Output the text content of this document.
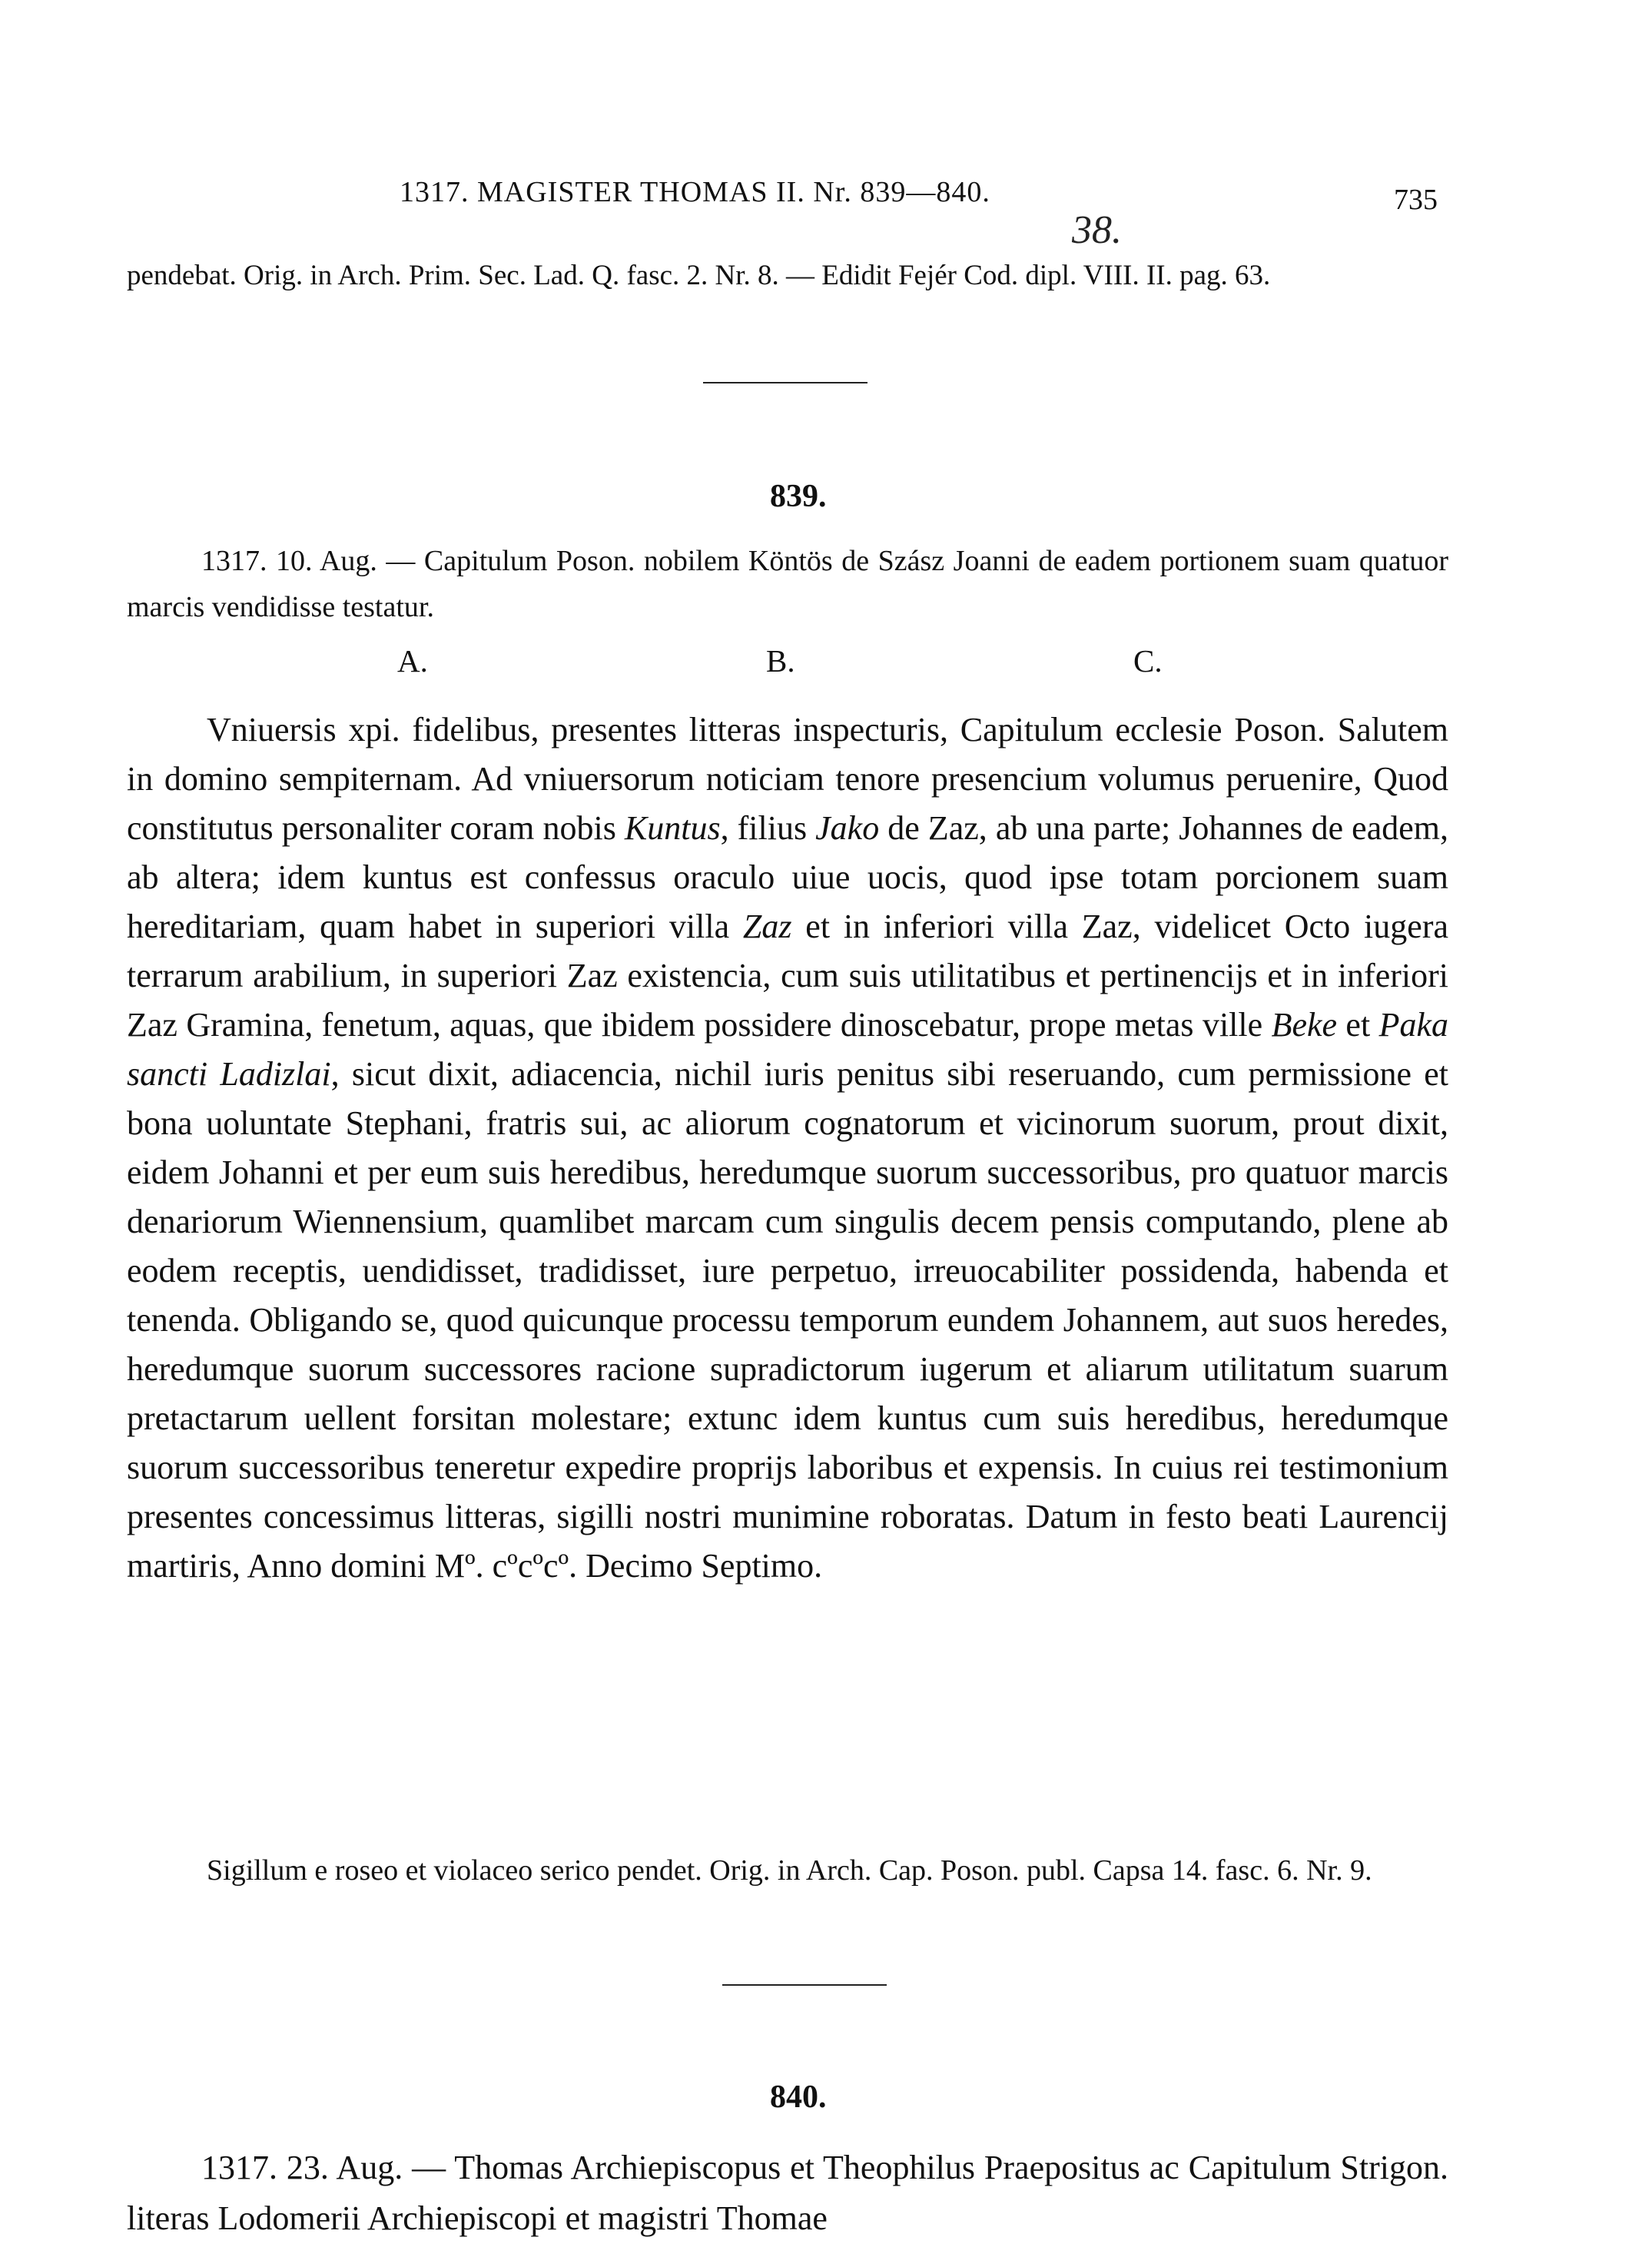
1317. MAGISTER THOMAS II. Nr. 839—840.	735
38.
pendebat. Orig. in Arch. Prim. Sec. Lad. Q. fasc. 2. Nr. 8. — Edidit Fejér Cod. dipl. VIII. II. pag. 63.
839.
1317. 10. Aug. — Capitulum Poson. nobilem Köntös de Szász Joanni de eadem portionem suam quatuor marcis vendidisse testatur.
A.	B.	C.
Vniuersis xpi. fidelibus, presentes litteras inspecturis, Capitulum ecclesie Poson. Salutem in domino sempiternam. Ad vniuersorum noticiam tenore presencium volumus peruenire, Quod constitutus personaliter coram nobis Kuntus, filius Jako de Zaz, ab una parte; Johannes de eadem, ab altera; idem kuntus est confessus oraculo uiue uocis, quod ipse totam porcionem suam hereditariam, quam habet in superiori villa Zaz et in inferiori villa Zaz, videlicet Octo iugera terrarum arabilium, in superiori Zaz existencia, cum suis utilitatibus et pertinencijs et in inferiori Zaz Gramina, fenetum, aquas, que ibidem possidere dinoscebatur, prope metas ville Beke et Paka sancti Ladizlai, sicut dixit, adiacencia, nichil iuris penitus sibi reseruando, cum permissione et bona uoluntate Stephani, fratris sui, ac aliorum cognatorum et vicinorum suorum, prout dixit, eidem Johanni et per eum suis heredibus, heredumque suorum successoribus, pro quatuor marcis denariorum Wiennensium, quamlibet marcam cum singulis decem pensis computando, plene ab eodem receptis, uendidisset, tradidisset, iure perpetuo, irreuocabiliter possidenda, habenda et tenenda. Obligando se, quod quicunque processu temporum eundem Johannem, aut suos heredes, heredumque suorum successores racione supradictorum iugerum et aliarum utilitatum suarum pretactarum uellent forsitan molestare; extunc idem kuntus cum suis heredibus, heredumque suorum successoribus teneretur expedire proprijs laboribus et expensis. In cuius rei testimonium presentes concessimus litteras, sigilli nostri munimine roboratas. Datum in festo beati Laurencij martiris, Anno domini Mº. cºcºcº. Decimo Septimo.
Sigillum e roseo et violaceo serico pendet. Orig. in Arch. Cap. Poson. publ. Capsa 14. fasc. 6. Nr. 9.
840.
1317. 23. Aug. — Thomas Archiepiscopus et Theophilus Praepositus ac Capitulum Strigon. literas Lodomerii Archiepiscopi et magistri Thomae
